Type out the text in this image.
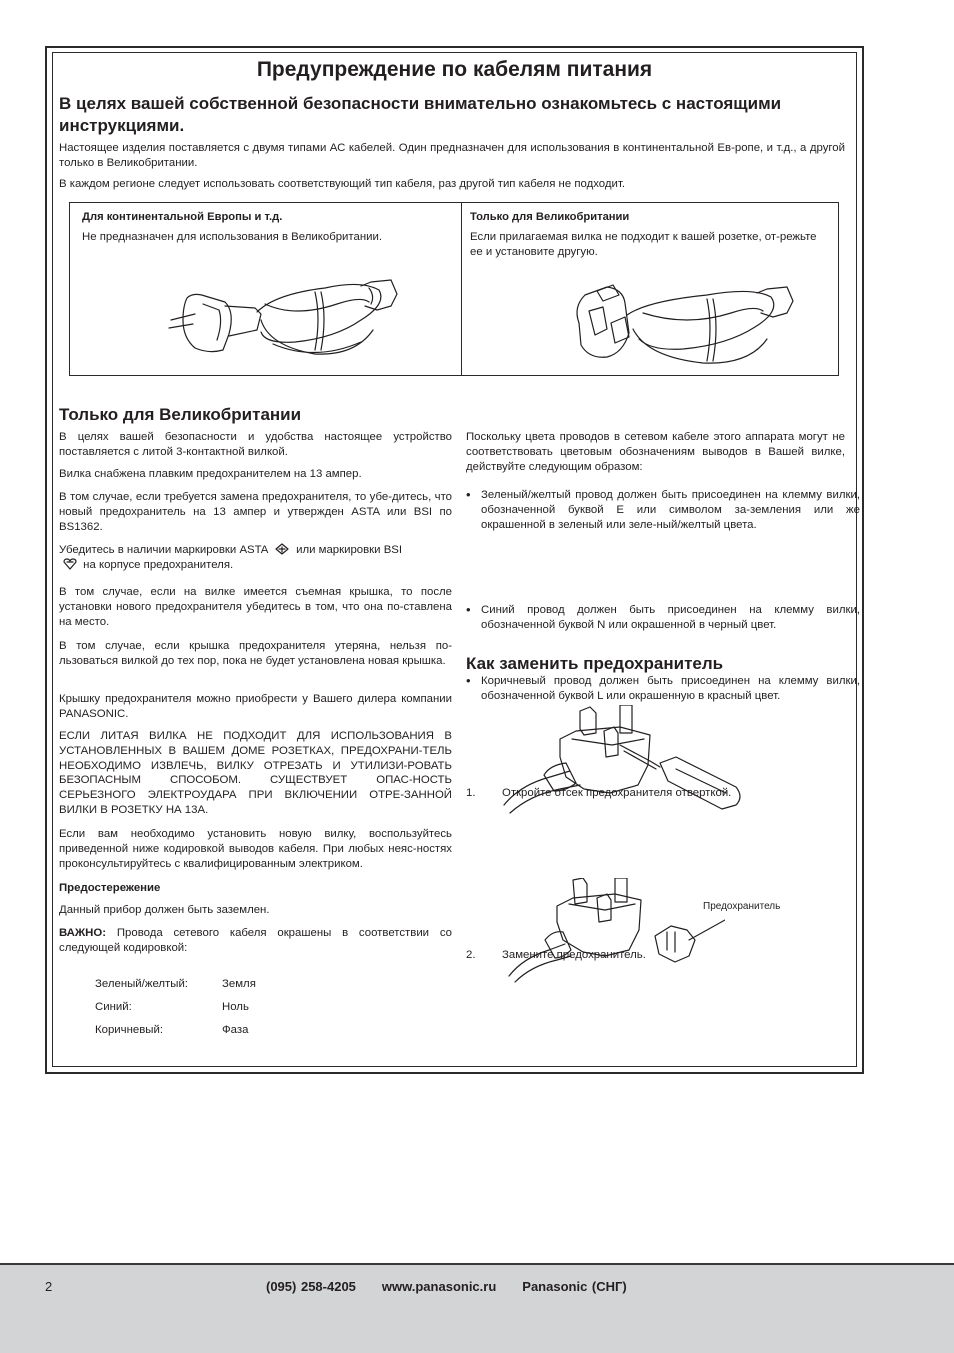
Предупреждение по кабелям питания
В целях вашей собственной безопасности внимательно ознакомьтесь с настоящими инструкциями.
Настоящее изделия поставляется с двумя типами АС кабелей. Один предназначен для использования в континентальной Ев-ропе, и т.д., а другой только в Великобритании.
В каждом регионе следует использовать соответствующий тип кабеля, раз другой тип кабеля не подходит.
Для континентальной Европы и т.д.
Не предназначен для использования в Великобритании.
Только для Великобритании
Если прилагаемая вилка не подходит к вашей розетке, от-режьте ее и установите другую.
Только для Великобритании
В целях вашей безопасности и удобства настоящее устройство поставляется с литой 3-контактной вилкой.
Вилка снабжена плавким предохранителем на 13 ампер.
В том случае, если требуется замена предохранителя, то убе-дитесь, что новый предохранитель на 13 ампер и утвержден ASTA или BSI по BS1362.
Убедитесь в наличии маркировки ASTA или маркировки BSI
на корпусе предохранителя.
В том случае, если на вилке имеется съемная крышка, то после установки нового предохранителя убедитесь в том, что она по-ставлена на место.
В том случае, если крышка предохранителя утеряна, нельзя по-льзоваться вилкой до тех пор, пока не будет установлена новая крышка.
Крышку предохранителя можно приобрести у Вашего дилера компании PANASONIC.
ЕСЛИ ЛИТАЯ ВИЛКА НЕ ПОДХОДИТ ДЛЯ ИСПОЛЬЗОВАНИЯ В УСТАНОВЛЕННЫХ В ВАШЕМ ДОМЕ РОЗЕТКАХ, ПРЕДОХРАНИ-ТЕЛЬ НЕОБХОДИМО ИЗВЛЕЧЬ, ВИЛКУ ОТРЕЗАТЬ И УТИЛИЗИ-РОВАТЬ БЕЗОПАСНЫМ СПОСОБОМ. СУЩЕСТВУЕТ ОПАС-НОСТЬ СЕРЬЕЗНОГО ЭЛЕКТРОУДАРА ПРИ ВКЛЮЧЕНИИ ОТРЕ-ЗАННОЙ ВИЛКИ В РОЗЕТКУ НА 13А.
Если вам необходимо установить новую вилку, воспользуйтесь приведенной ниже кодировкой выводов кабеля. При любых неяс-ностях проконсультируйтесь с квалифицированным электриком.
Предостережение
Данный прибор должен быть заземлен.
ВАЖНО: Провода сетевого кабеля окрашены в соответствии со следующей кодировкой:
Зеленый/желтый:	Земля
Синий:	Ноль
Коричневый:	Фаза
Поскольку цвета проводов в сетевом кабеле этого аппарата могут не соответствовать цветовым обозначениям выводов в Вашей вилке, действуйте следующим образом:
• Зеленый/желтый провод должен быть присоединен на клемму вилки, обозначенной буквой E или символом за-земления или же окрашенной в зеленый или зеле-ный/желтый цвета.
• Синий провод должен быть присоединен на клемму вилки, обозначенной буквой N или окрашенной в черный цвет.
• Коричневый провод должен быть присоединен на клемму вилки, обозначенной буквой L или окрашенную в красный цвет.
Как заменить предохранитель
1. Откройте отсек предохранителя отверткой.
2. Замените предохранитель.
Предохранитель
2	(095) 258-4205 www.panasonic.ru Panasonic (СНГ)
